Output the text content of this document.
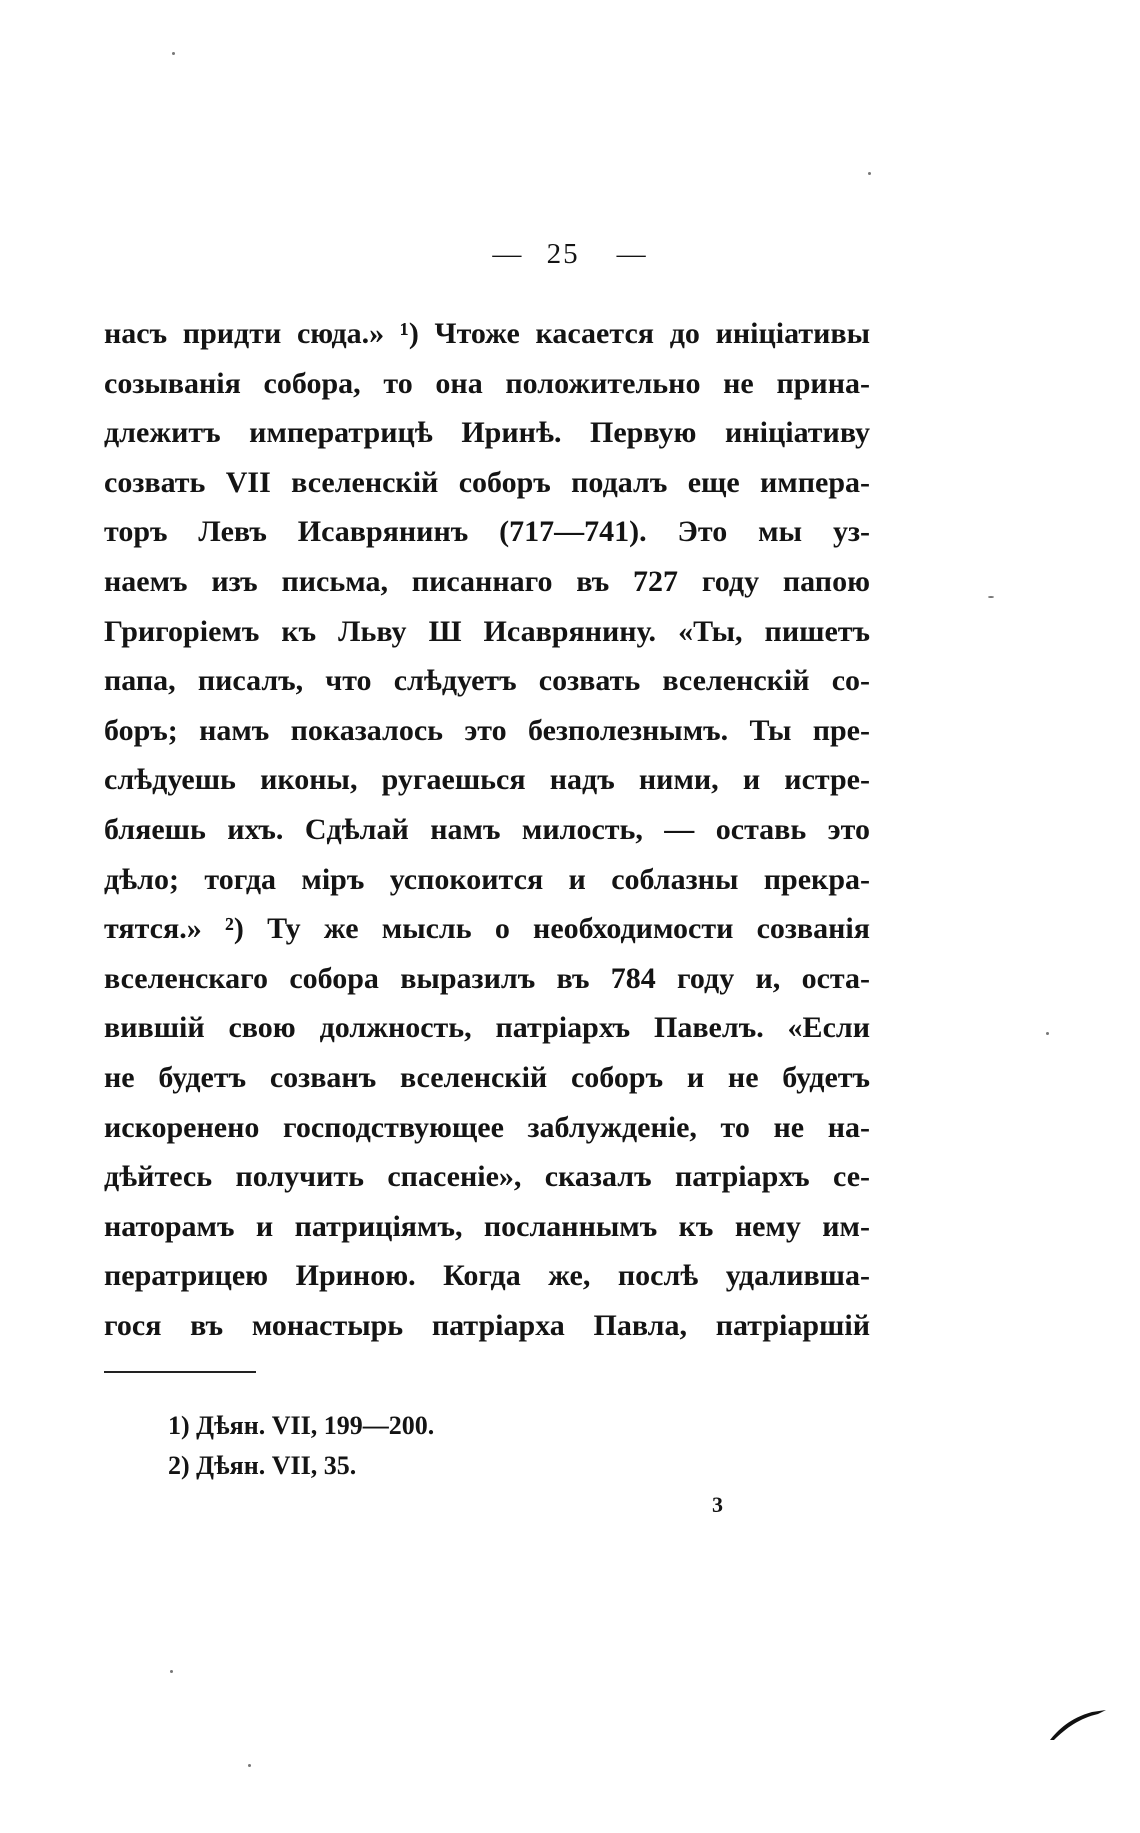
— 25 —
насъ придти сюда.» ¹) Чтоже касается до инiцiативы
созыванiя собора, то она положительно не прина-
длежитъ императрицѣ Иринѣ. Первую инiцiативу
созвать VII вселенскiй соборъ подалъ еще импера-
торъ Левъ Исаврянинъ (717—741). Это мы уз-
наемъ изъ письма, писаннаго въ 727 году папою
Григорiемъ къ Льву Ш Исаврянину. «Ты, пишетъ
папа, писалъ, что слѣдуетъ созвать вселенскiй со-
боръ; намъ показалось это безполезнымъ. Ты пре-
слѣдуешь иконы, ругаешься надъ ними, и истре-
бляешь ихъ. Сдѣлай намъ милость, — оставь это
дѣло; тогда мiръ успокоится и соблазны прекра-
тятся.» ²) Ту же мысль о необходимости созванiя
вселенскаго собора выразилъ въ 784 году и, оста-
вившiй свою должность, патрiархъ Павелъ. «Если
не будетъ созванъ вселенскiй соборъ и не будетъ
искоренено господствующее заблужденiе, то не на-
дѣйтесь получить спасенiе», сказалъ патрiархъ се-
наторамъ и патрицiямъ, посланнымъ къ нему им-
ператрицею Иринoю. Когда же, послѣ удалившa-
гося въ монастырь патрiарха Павла, патрiаршiй
1) Дѣян. VII, 199—200.
2) Дѣян. VII, 35.
3
